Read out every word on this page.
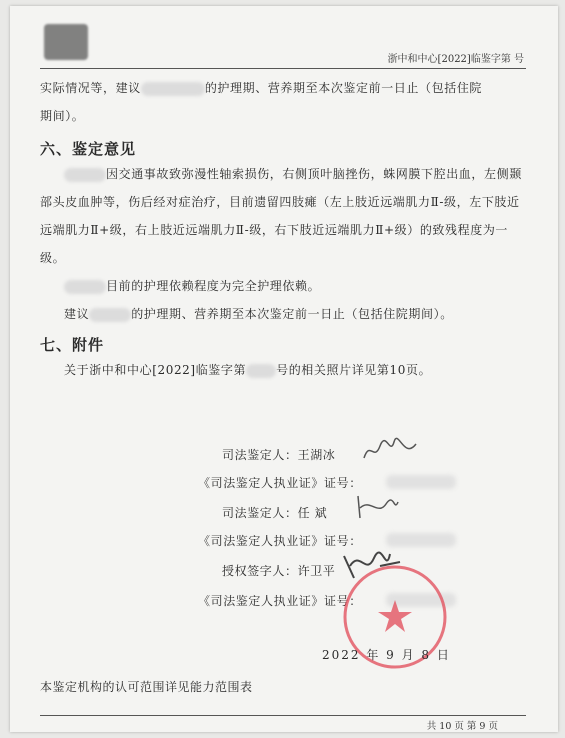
浙中和中心[2022]临鉴字第 号
实际情况等，建议	的护理期、营养期至本次鉴定前一日止（包括住院
期间）。
六、鉴定意见
因交通事故致弥漫性轴索损伤，右侧顶叶脑挫伤，蛛网膜下腔出血，左侧颞部头皮血肿等，伤后经对症治疗，目前遗留四肢瘫（左上肢近远端肌力Ⅱ-级，左下肢近远端肌力Ⅱ+级，右上肢近远端肌力Ⅱ-级，右下肢近远端肌力Ⅱ+级）的致残程度为一级。
目前的护理依赖程度为完全护理依赖。
建议	的护理期、营养期至本次鉴定前一日止（包括住院期间）。
七、附件
关于浙中和中心[2022]临鉴字第	号的相关照片详见第10页。
司法鉴定人：王湖冰
《司法鉴定人执业证》证号：
司法鉴定人：任 斌
《司法鉴定人执业证》证号：
授权签字人：许卫平
《司法鉴定人执业证》证号：
2022 年 9 月 8 日
本鉴定机构的认可范围详见能力范围表
共 10 页 第 9 页
